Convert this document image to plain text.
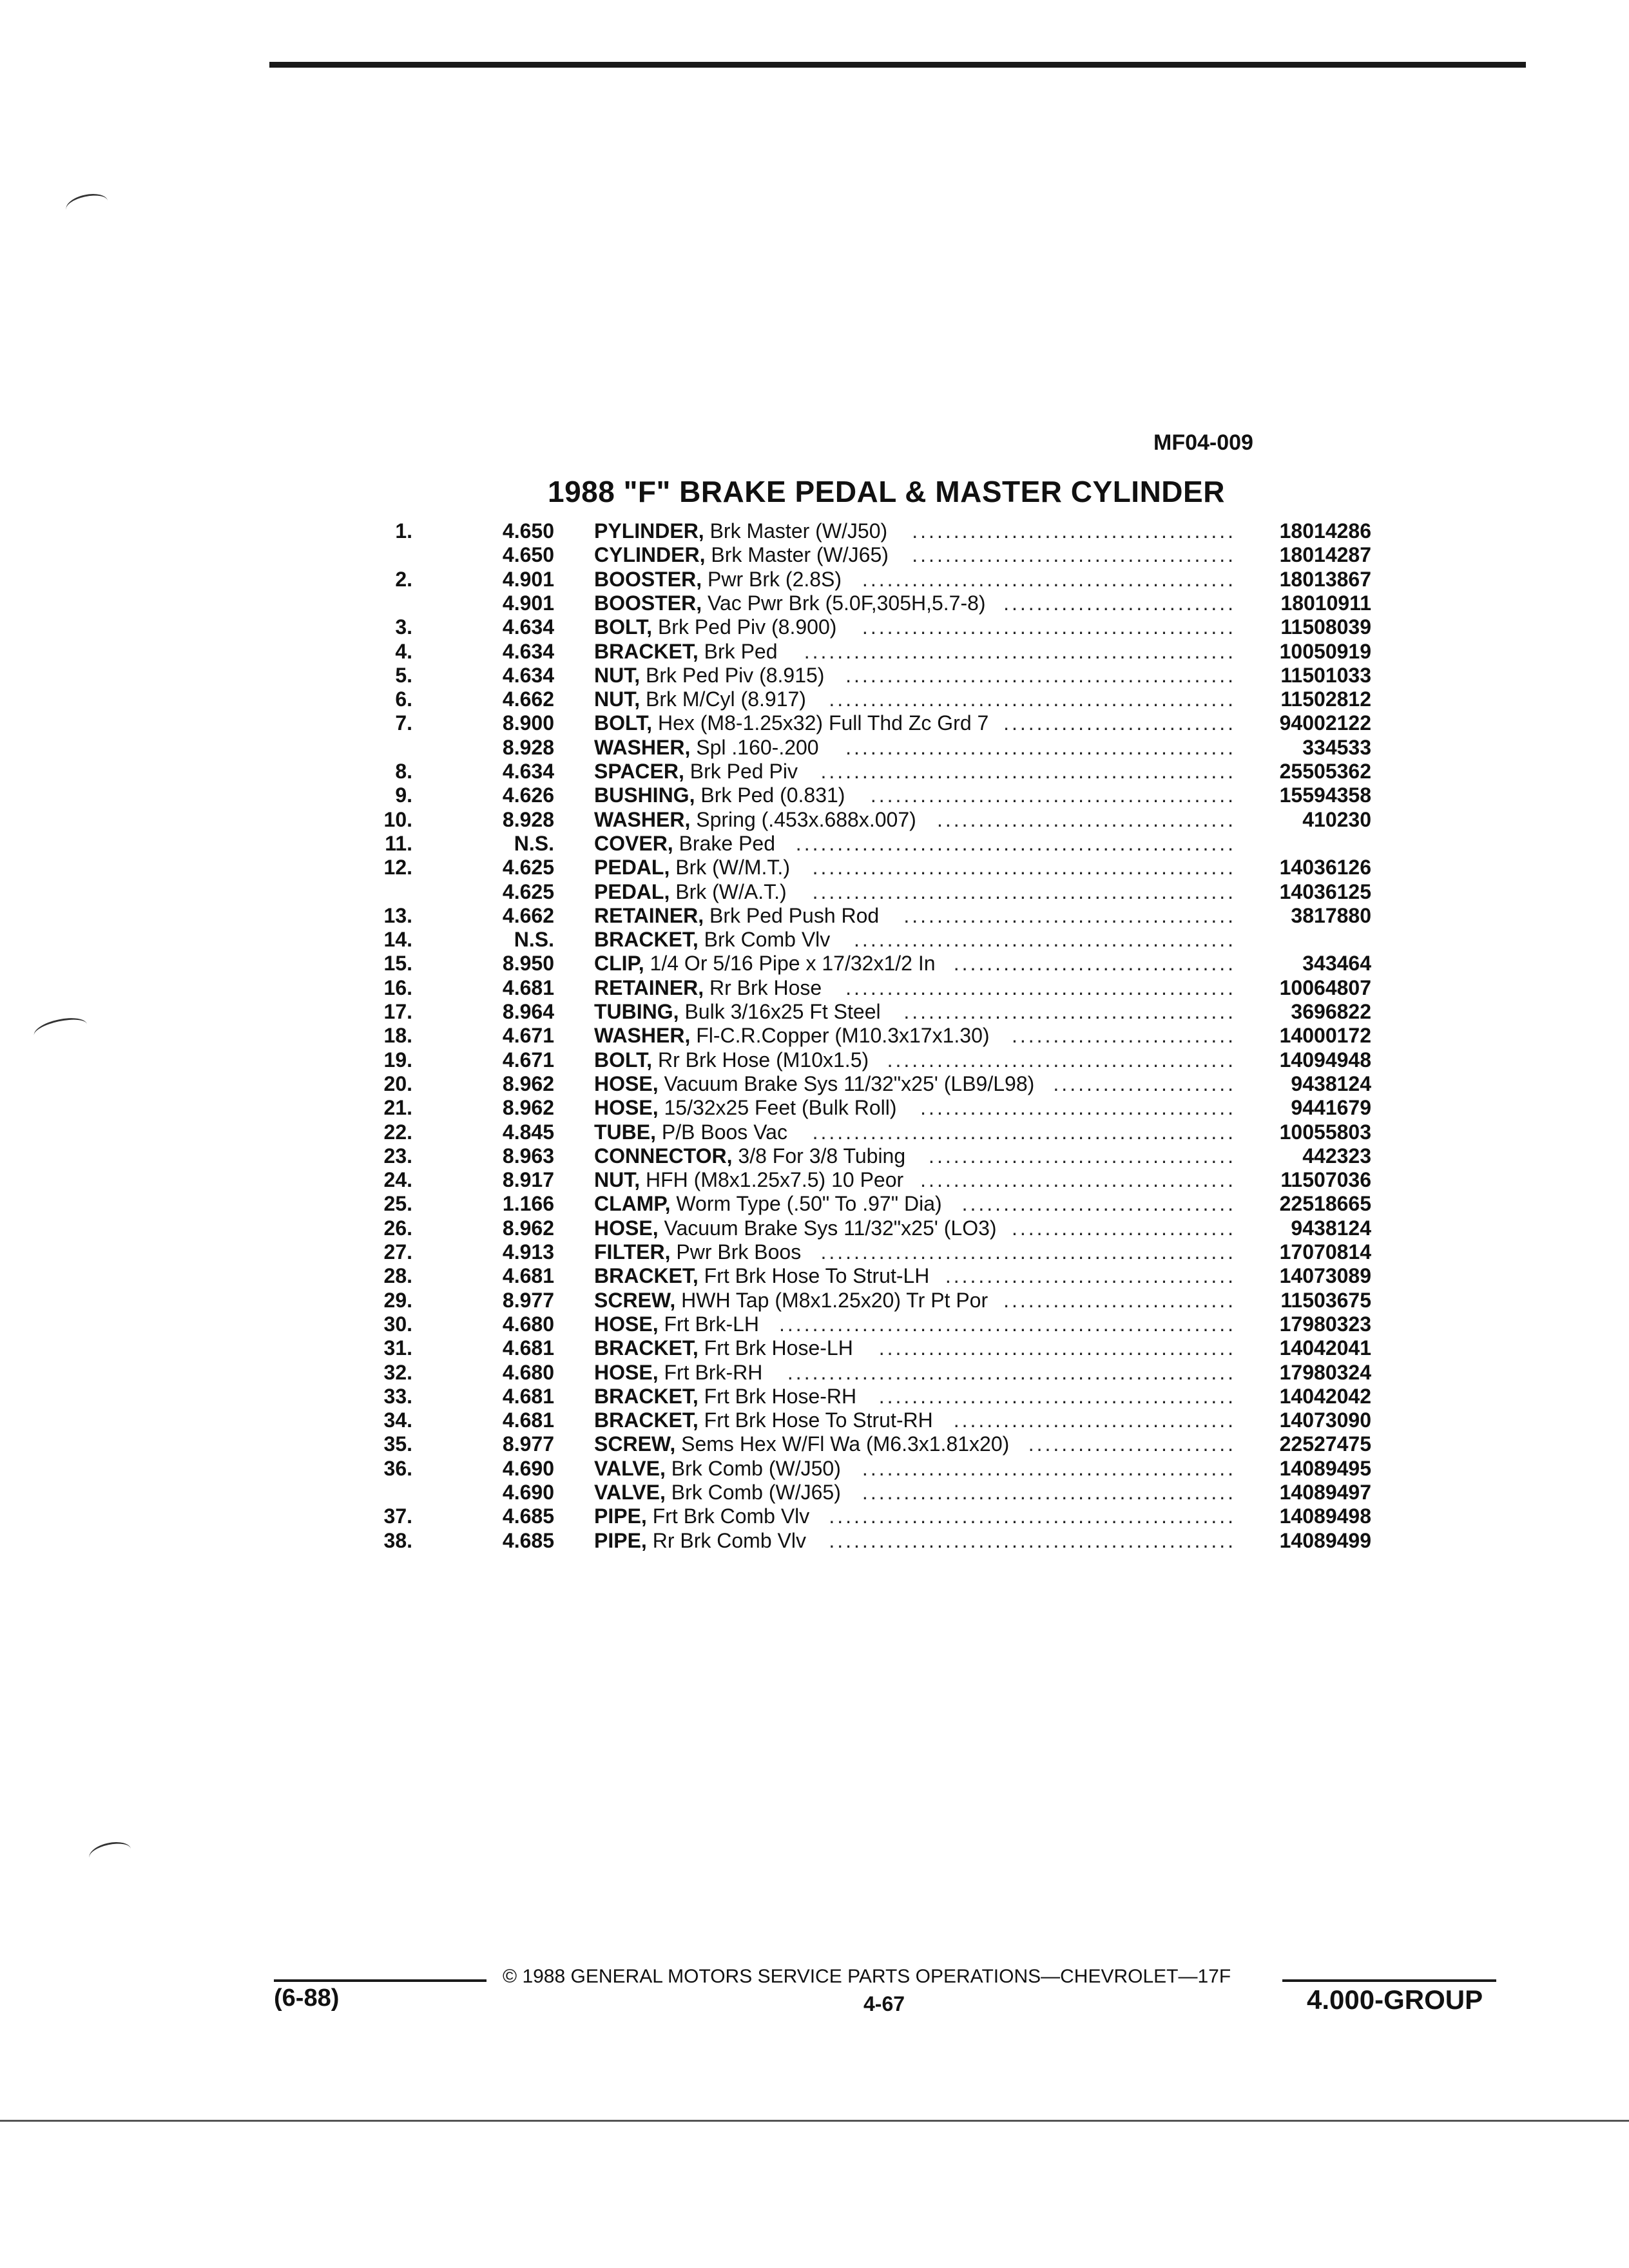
MF04-009
1988 "F" BRAKE PEDAL & MASTER CYLINDER
1.	4.650 PYLINDER, Brk Master (W/J50)	18014286
.......................................
4.650 CYLINDER, Brk Master (W/J65)	18014287
.......................................
2.	4.901 BOOSTER, Pwr Brk (2.8S)	18013867
.............................................
4.901 BOOSTER, Vac Pwr Brk (5.0F,305H,5.7-8)	18010911
............................
3.	4.634 BOLT, Brk Ped Piv (8.900)	11508039
.............................................
4.	4.634 BRACKET, Brk Ped	10050919
....................................................
5.	4.634 NUT, Brk Ped Piv (8.915)	11501033
...............................................
6.	4.662 NUT, Brk M/Cyl (8.917)	11502812
.................................................
7.	8.900 BOLT, Hex (M8-1.25x32) Full Thd Zc Grd 7	94002122
............................
8.928 WASHER, Spl .160-.200	334533
...............................................
8.	4.634 SPACER, Brk Ped Piv	25505362
..................................................
9.	4.626 BUSHING, Brk Ped (0.831)	15594358
............................................
10.	8.928 WASHER, Spring (.453x.688x.007)	410230
....................................
11.	N.S. COVER, Brake Ped .....................................................
12.	4.625 PEDAL, Brk (W/M.T.)	14036126
...................................................
4.625 PEDAL, Brk (W/A.T.)	14036125
...................................................
13.	4.662 RETAINER, Brk Ped Push Rod	3817880
........................................
14.	N.S. BRACKET, Brk Comb Vlv ..............................................
15.	8.950 CLIP, 1/4 Or 5/16 Pipe x 17/32x1/2 In	343464
..................................
16.	4.681 RETAINER, Rr Brk Hose	10064807
...............................................
17.	8.964 TUBING, Bulk 3/16x25 Ft Steel	3696822
........................................
18.	4.671 WASHER, Fl-C.R.Copper (M10.3x17x1.30)	14000172
...........................
19.	4.671 BOLT, Rr Brk Hose (M10x1.5)	14094948
..........................................
20.	8.962 HOSE, Vacuum Brake Sys 11/32"x25' (LB9/L98)	9438124
......................
21.	8.962 HOSE, 15/32x25 Feet (Bulk Roll)	9441679
......................................
22.	4.845 TUBE, P/B Boos Vac	10055803
...................................................
23.	8.963 CONNECTOR, 3/8 For 3/8 Tubing	442323
.....................................
24.	8.917 NUT, HFH (M8x1.25x7.5) 10 Peor	11507036
......................................
25.	1.166 CLAMP, Worm Type (.50" To .97" Dia)	22518665
.................................
26.	8.962 HOSE, Vacuum Brake Sys 11/32"x25' (LO3)	9438124
...........................
27.	4.913 FILTER, Pwr Brk Boos	17070814
..................................................
28.	4.681 BRACKET, Frt Brk Hose To Strut-LH	14073089
...................................
29.	8.977 SCREW, HWH Tap (M8x1.25x20) Tr Pt Por	11503675
............................
30.	4.680 HOSE, Frt Brk-LH	17980323
.......................................................
31.	4.681 BRACKET, Frt Brk Hose-LH	14042041
...........................................
32.	4.680 HOSE, Frt Brk-RH	17980324
......................................................
33.	4.681 BRACKET, Frt Brk Hose-RH	14042042
...........................................
34.	4.681 BRACKET, Frt Brk Hose To Strut-RH	14073090
..................................
35.	8.977 SCREW, Sems Hex W/Fl Wa (M6.3x1.81x20)	22527475
.........................
36.	4.690 VALVE, Brk Comb (W/J50)	14089495
.............................................
4.690 VALVE, Brk Comb (W/J65)	14089497
.............................................
37.	4.685 PIPE, Frt Brk Comb Vlv	14089498
.................................................
38.	4.685 PIPE, Rr Brk Comb Vlv	14089499
.................................................
© 1988 GENERAL MOTORS SERVICE PARTS OPERATIONS—CHEVROLET—17F
(6-88)	4-67	4.000-GROUP
